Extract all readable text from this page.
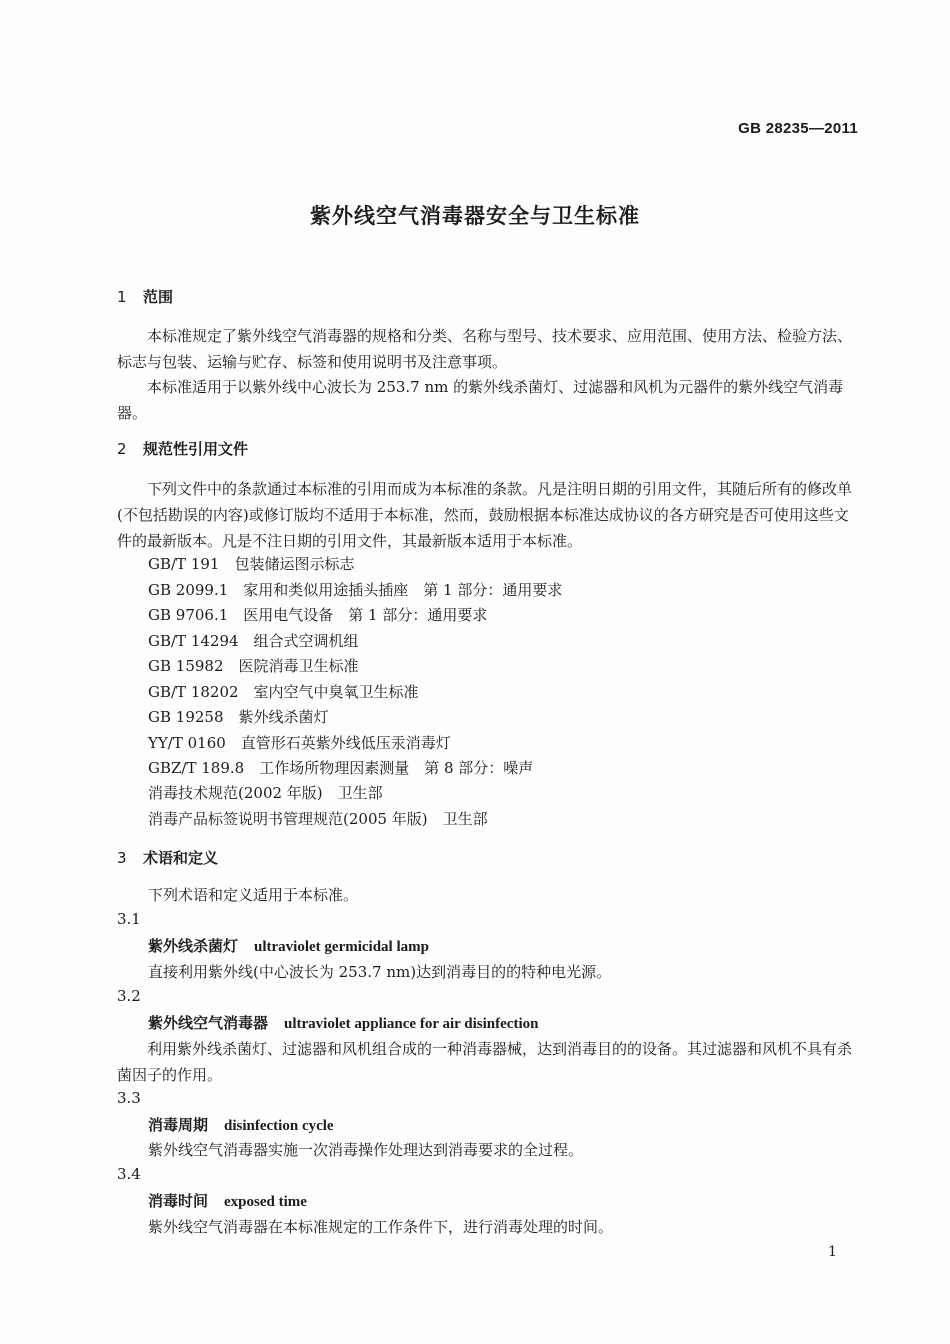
GB 28235—2011
紫外线空气消毒器安全与卫生标准
1 范围
本标准规定了紫外线空气消毒器的规格和分类、名称与型号、技术要求、应用范围、使用方法、检验方法、标志与包装、运输与贮存、标签和使用说明书及注意事项。
本标准适用于以紫外线中心波长为 253.7 nm 的紫外线杀菌灯、过滤器和风机为元器件的紫外线空气消毒器。
2 规范性引用文件
下列文件中的条款通过本标准的引用而成为本标准的条款。凡是注明日期的引用文件，其随后所有的修改单(不包括勘误的内容)或修订版均不适用于本标准，然而，鼓励根据本标准达成协议的各方研究是否可使用这些文件的最新版本。凡是不注日期的引用文件，其最新版本适用于本标准。
GB/T 191　包装储运图示标志
GB 2099.1　家用和类似用途插头插座　第 1 部分：通用要求
GB 9706.1　医用电气设备　第 1 部分：通用要求
GB/T 14294　组合式空调机组
GB 15982　医院消毒卫生标准
GB/T 18202　室内空气中臭氧卫生标准
GB 19258　紫外线杀菌灯
YY/T 0160　直管形石英紫外线低压汞消毒灯
GBZ/T 189.8　工作场所物理因素测量　第 8 部分：噪声
消毒技术规范(2002 年版)　卫生部
消毒产品标签说明书管理规范(2005 年版)　卫生部
3 术语和定义
下列术语和定义适用于本标准。
3.1
紫外线杀菌灯 ultraviolet germicidal lamp
直接利用紫外线(中心波长为 253.7 nm)达到消毒目的的特种电光源。
3.2
紫外线空气消毒器 ultraviolet appliance for air disinfection
利用紫外线杀菌灯、过滤器和风机组合成的一种消毒器械，达到消毒目的的设备。其过滤器和风机不具有杀菌因子的作用。
3.3
消毒周期 disinfection cycle
紫外线空气消毒器实施一次消毒操作处理达到消毒要求的全过程。
3.4
消毒时间 exposed time
紫外线空气消毒器在本标准规定的工作条件下，进行消毒处理的时间。
1
